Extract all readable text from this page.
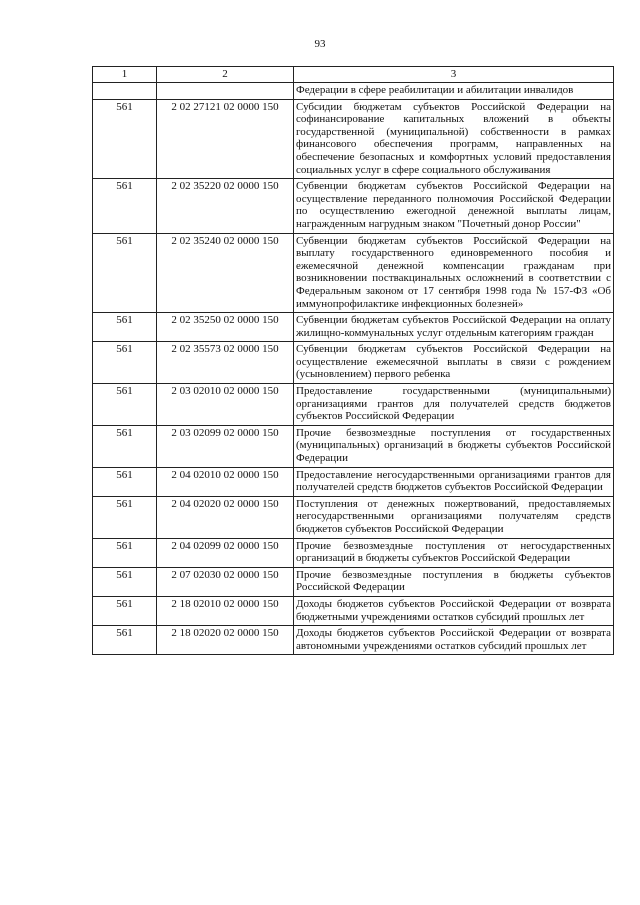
93
1	2	3
		Федерации в сфере реабилитации и абилитации инвалидов
561	2 02 27121 02 0000 150	Субсидии бюджетам субъектов Российской Федерации на софинансирование капитальных вложений в объекты государственной (муниципальной) собственности в рамках финансового обеспечения программ, направленных на обеспечение безопасных и комфортных условий предоставления социальных услуг в сфере социального обслуживания
561	2 02 35220 02 0000 150	Субвенции бюджетам субъектов Российской Федерации на осуществление переданного полномочия Российской Федерации по осуществлению ежегодной денежной выплаты лицам, награжденным нагрудным знаком "Почетный донор России"
561	2 02 35240 02 0000 150	Субвенции бюджетам субъектов Российской Федерации на выплату государственного единовременного пособия и ежемесячной денежной компенсации гражданам при возникновении поствакцинальных осложнений в соответствии с Федеральным законом от 17 сентября 1998 года № 157-ФЗ «Об иммунопрофилактике инфекционных болезней»
561	2 02 35250 02 0000 150	Субвенции бюджетам субъектов Российской Федерации на оплату жилищно-коммунальных услуг отдельным категориям граждан
561	2 02 35573 02 0000 150	Субвенции бюджетам субъектов Российской Федерации на осуществление ежемесячной выплаты в связи с рождением (усыновлением) первого ребенка
561	2 03 02010 02 0000 150	Предоставление государственными (муниципальными) организациями грантов для получателей средств бюджетов субъектов Российской Федерации
561	2 03 02099 02 0000 150	Прочие безвозмездные поступления от государственных (муниципальных) организаций в бюджеты субъектов Российской Федерации
561	2 04 02010 02 0000 150	Предоставление негосударственными организациями грантов для получателей средств бюджетов субъектов Российской Федерации
561	2 04 02020 02 0000 150	Поступления от денежных пожертвований, предоставляемых негосударственными организациями получателям средств бюджетов субъектов Российской Федерации
561	2 04 02099 02 0000 150	Прочие безвозмездные поступления от негосударственных организаций в бюджеты субъектов Российской Федерации
561	2 07 02030 02 0000 150	Прочие безвозмездные поступления в бюджеты субъектов Российской Федерации
561	2 18 02010 02 0000 150	Доходы бюджетов субъектов Российской Федерации от возврата бюджетными учреждениями остатков субсидий прошлых лет
561	2 18 02020 02 0000 150	Доходы бюджетов субъектов Российской Федерации от возврата автономными учреждениями остатков субсидий прошлых лет
